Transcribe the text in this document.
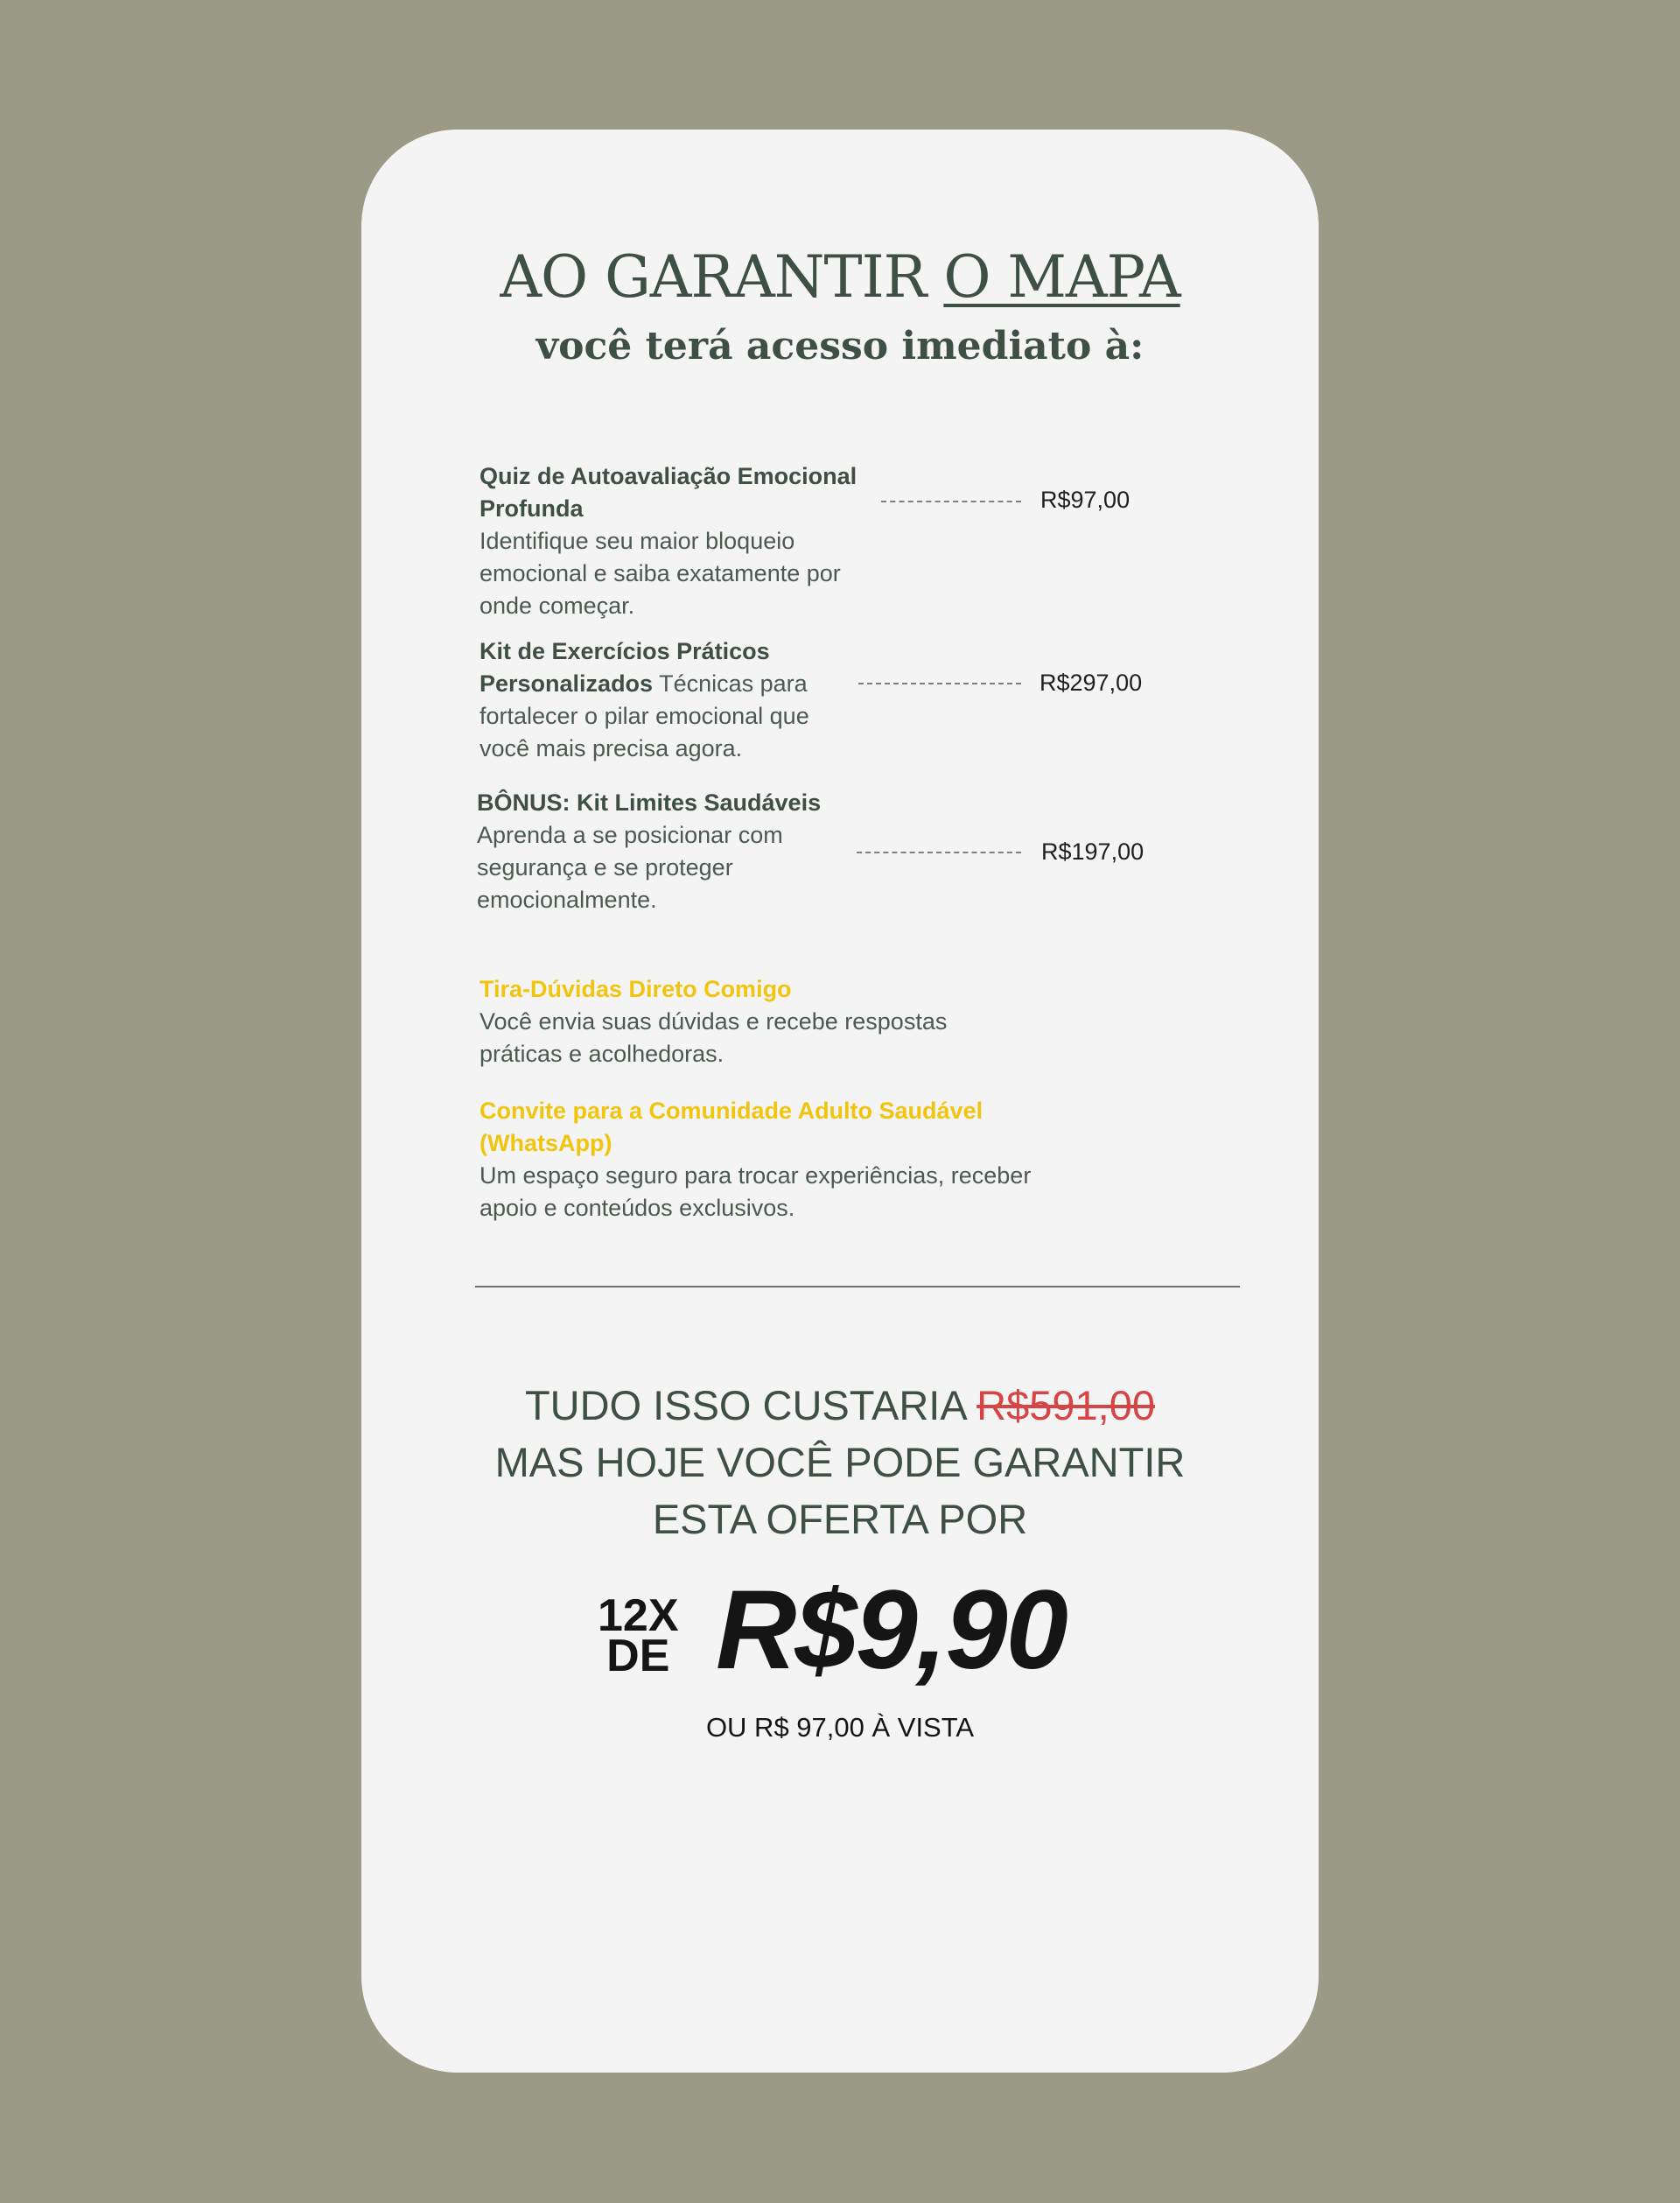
AO GARANTIR O MAPA
você terá acesso imediato à:
Quiz de Autoavaliação Emocional
Profunda
Identifique seu maior bloqueio
emocional e saiba exatamente por
onde começar.
R$97,00
Kit de Exercícios Práticos
Personalizados Técnicas para
fortalecer o pilar emocional que
você mais precisa agora.
R$297,00
BÔNUS: Kit Limites Saudáveis
Aprenda a se posicionar com
segurança e se proteger
emocionalmente.
R$197,00
Tira-Dúvidas Direto Comigo
Você envia suas dúvidas e recebe respostas
práticas e acolhedoras.
Convite para a Comunidade Adulto Saudável
(WhatsApp)
Um espaço seguro para trocar experiências, receber
apoio e conteúdos exclusivos.
TUDO ISSO CUSTARIA R$591,00
MAS HOJE VOCÊ PODE GARANTIR
ESTA OFERTA POR
12X
DE R$9,90
OU R$ 97,00 À VISTA
